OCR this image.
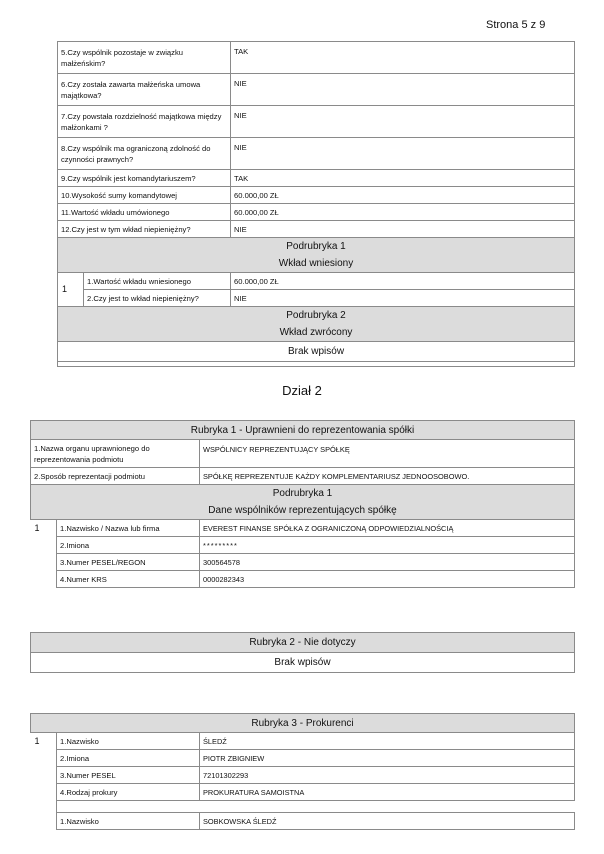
Strona 5 z 9
5.Czy wspólnik pozostaje w związku małżeńskim?		TAK
6.Czy została zawarta małżeńska umowa majątkowa?		NIE
7.Czy powstała rozdzielność majątkowa między małżonkami ?		NIE
8.Czy wspólnik ma ograniczoną zdolność do czynności prawnych?		NIE
9.Czy wspólnik jest komandytariuszem?		TAK
10.Wysokość sumy komandytowej		60.000,00 ZŁ
11.Wartość wkładu umówionego		60.000,00 ZŁ
12.Czy jest w tym wkład niepieniężny?		NIE

Podrubryka 1
Wkład wniesiony		

1	1.Wartość wkładu wniesionego	60.000,00 ZŁ
	2.Czy jest to wkład niepieniężny?	NIE

Podrubryka 2
Wkład zwrócony		

Brak wpisów		

Dział 2
Rubryka 1 - Uprawnieni do reprezentowania spółki		
1.Nazwa organu uprawnionego do reprezentowania podmiotu		WSPÓLNICY REPREZENTUJĄCY SPÓŁKĘ
2.Sposób reprezentacji podmiotu		SPÓŁKĘ REPREZENTUJE KAŻDY KOMPLEMENTARIUSZ JEDNOOSOBOWO.

Podrubryka 1
Dane wspólników reprezentujących spółkę		

1	1.Nazwisko / Nazwa lub firma	EVEREST FINANSE SPÓŁKA Z OGRANICZONĄ ODPOWIEDZIALNOŚCIĄ
	2.Imiona	*********
	3.Numer PESEL/REGON	300564578
	4.Numer KRS	0000282343
Rubryka 2 - Nie dotyczy
Brak wpisów
Rubryka 3 - Prokurenci		
1	1.Nazwisko	ŚLEDŹ
	2.Imiona	PIOTR ZBIGNIEW
	3.Numer PESEL	72101302293
	4.Rodzaj prokury	PROKURATURA SAMOISTNA

	1.Nazwisko	SOBKOWSKA ŚLEDŹ
